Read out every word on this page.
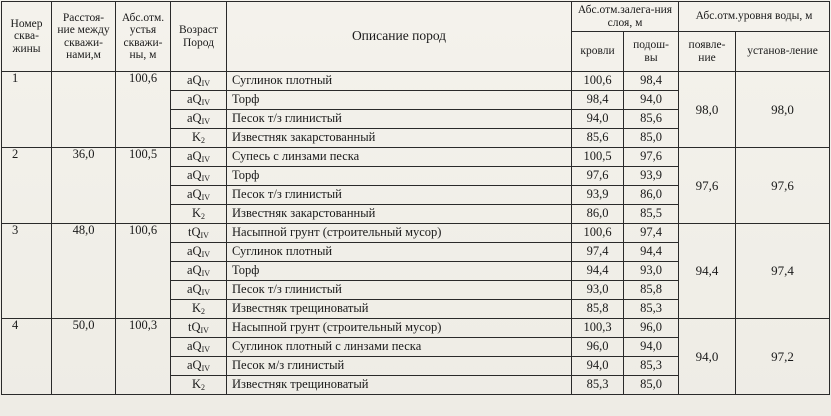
Номер сква-жины	Расстоя-ние между скважи-нами,м	Абс.отм. устья скважи-ны, м	Возраст Пород	Описание пород	Абс.отм.залега-ния слоя, м		Абс.отм.уровня воды, м	
					кровли	подош-вы	появле-ние	установ-ление
1		100,6	$aQ_{IV}$	Суглинок плотный	100,6	98,4	98,0	98,0
			$aQ_{IV}$	Торф	98,4	94,0		
			$aQ_{IV}$	Песок т/з глинистый	94,0	85,6		
			$K_2$	Известняк закарстованный	85,6	85,0		
2	36,0	100,5	$aQ_{IV}$	Супесь с линзами песка	100,5	97,6	97,6	97,6
			$aQ_{IV}$	Торф	97,6	93,9		
			$aQ_{IV}$	Песок т/з глинистый	93,9	86,0		
			$K_2$	Известняк закарстованный	86,0	85,5		
3	48,0	100,6	$tQ_{IV}$	Насыпной грунт (строительный мусор)	100,6	97,4	94,4	97,4
			$aQ_{IV}$	Суглинок плотный	97,4	94,4		
			$aQ_{IV}$	Торф	94,4	93,0		
			$aQ_{IV}$	Песок т/з глинистый	93,0	85,8		
			$K_2$	Известняк трещиноватый	85,8	85,3		
4	50,0	100,3	$tQ_{IV}$	Насыпной грунт (строительный мусор)	100,3	96,0	94,0	97,2
			$aQ_{IV}$	Суглинок плотный с линзами песка	96,0	94,0		
			$aQ_{IV}$	Песок м/з глинистый	94,0	85,3		
			$K_2$	Известняк трещиноватый	85,3	85,0		
